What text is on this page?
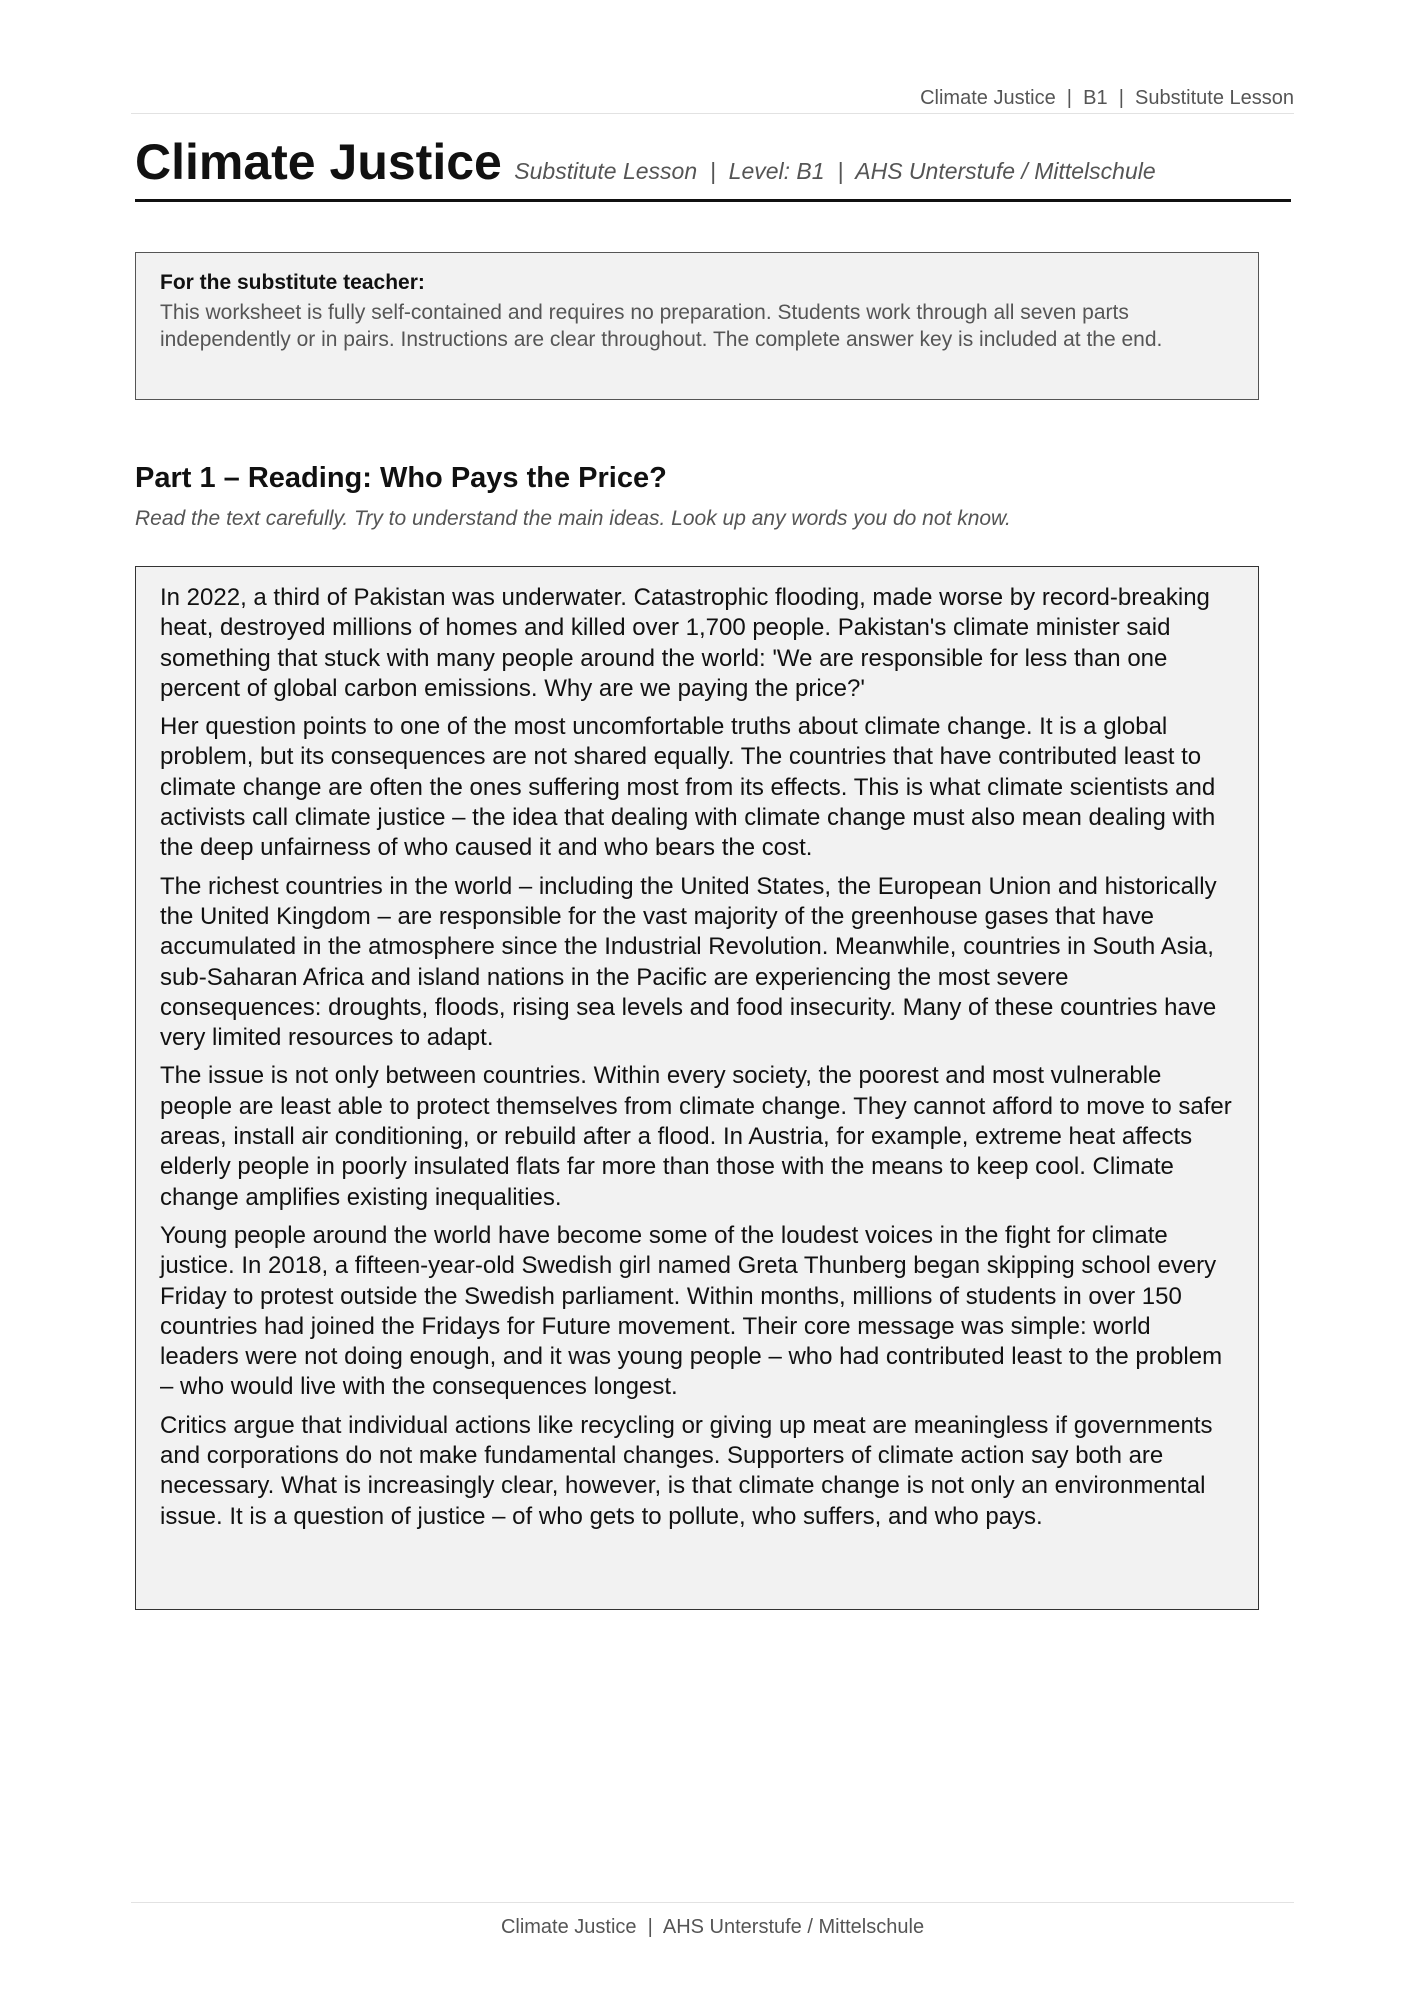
Climate Justice  |  B1  |  Substitute Lesson
Climate Justice Substitute Lesson  |  Level: B1  |  AHS Unterstufe / Mittelschule
For the substitute teacher:
This worksheet is fully self-contained and requires no preparation. Students work through all seven parts independently or in pairs. Instructions are clear throughout. The complete answer key is included at the end.
Part 1 – Reading: Who Pays the Price?
Read the text carefully. Try to understand the main ideas. Look up any words you do not know.

In 2022, a third of Pakistan was underwater. Catastrophic flooding, made worse by record-breaking heat, destroyed millions of homes and killed over 1,700 people. Pakistan's climate minister said something that stuck with many people around the world: 'We are responsible for less than one percent of global carbon emissions. Why are we paying the price?'

Her question points to one of the most uncomfortable truths about climate change. It is a global problem, but its consequences are not shared equally. The countries that have contributed least to climate change are often the ones suffering most from its effects. This is what climate scientists and activists call climate justice – the idea that dealing with climate change must also mean dealing with the deep unfairness of who caused it and who bears the cost.

The richest countries in the world – including the United States, the European Union and historically the United Kingdom – are responsible for the vast majority of the greenhouse gases that have accumulated in the atmosphere since the Industrial Revolution. Meanwhile, countries in South Asia, sub-Saharan Africa and island nations in the Pacific are experiencing the most severe consequences: droughts, floods, rising sea levels and food insecurity. Many of these countries have very limited resources to adapt.

The issue is not only between countries. Within every society, the poorest and most vulnerable people are least able to protect themselves from climate change. They cannot afford to move to safer areas, install air conditioning, or rebuild after a flood. In Austria, for example, extreme heat affects elderly people in poorly insulated flats far more than those with the means to keep cool. Climate change amplifies existing inequalities.

Young people around the world have become some of the loudest voices in the fight for climate justice. In 2018, a fifteen-year-old Swedish girl named Greta Thunberg began skipping school every Friday to protest outside the Swedish parliament. Within months, millions of students in over 150 countries had joined the Fridays for Future movement. Their core message was simple: world leaders were not doing enough, and it was young people – who had contributed least to the problem – who would live with the consequences longest.

Critics argue that individual actions like recycling or giving up meat are meaningless if governments and corporations do not make fundamental changes. Supporters of climate action say both are necessary. What is increasingly clear, however, is that climate change is not only an environmental issue. It is a question of justice – of who gets to pollute, who suffers, and who pays.

Climate Justice  |  AHS Unterstufe / Mittelschule
